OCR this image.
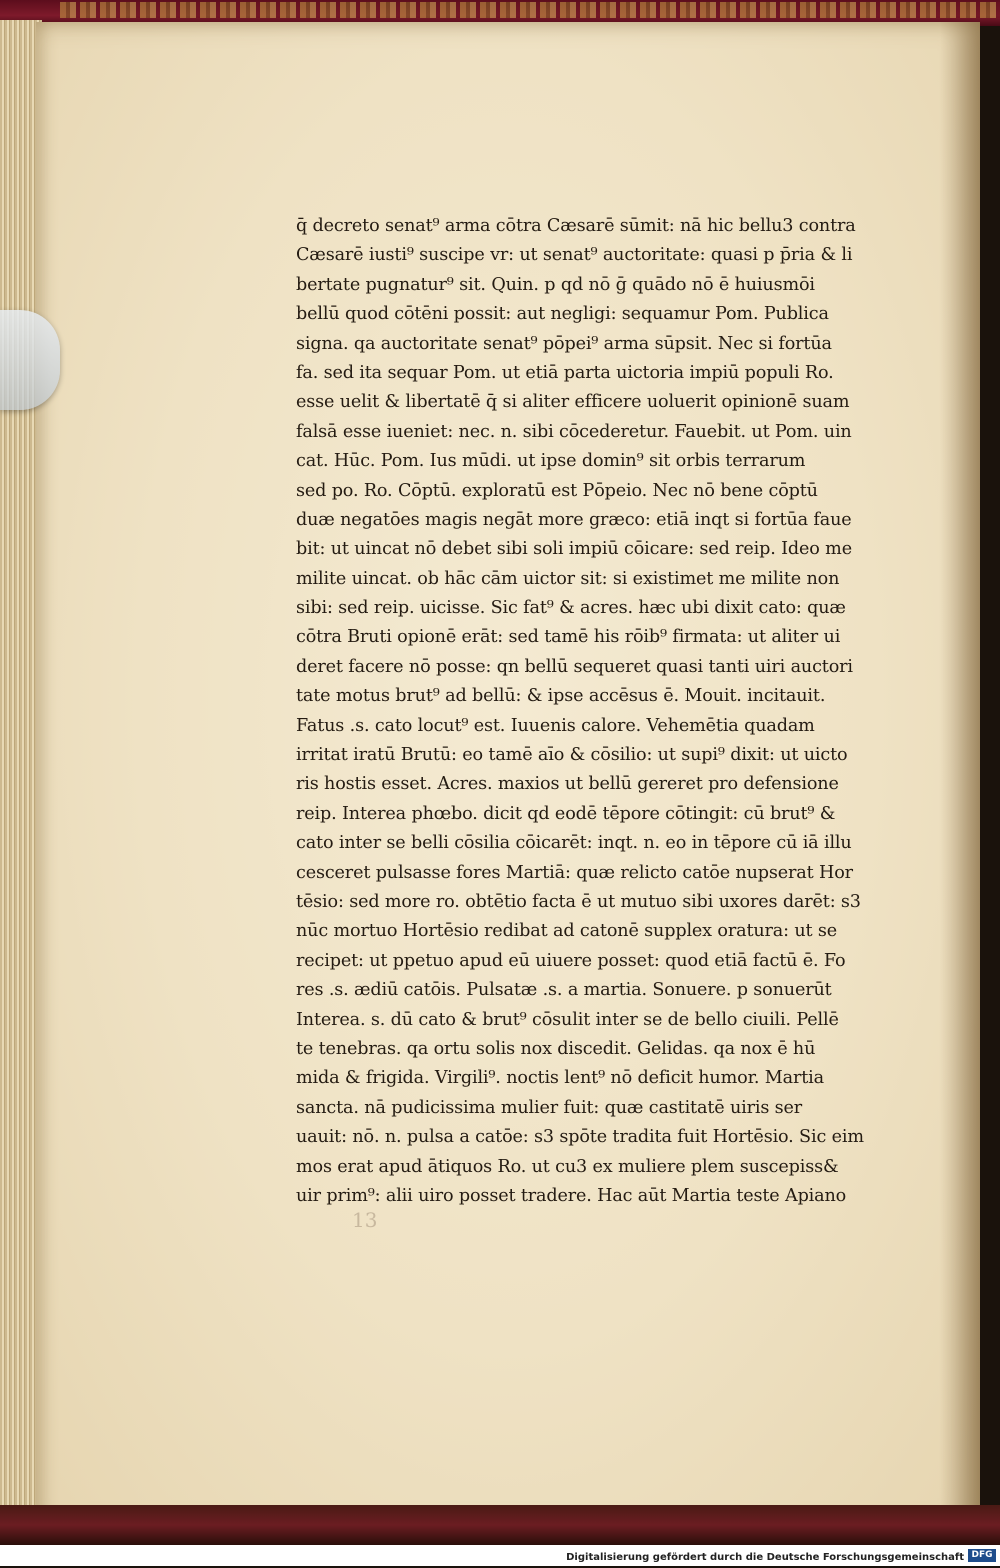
q̄ decreto senat⁹ arma cōtra Cæsarē sūmit: nā hic bellu3 contra
Cæsarē iusti⁹ suscipe vr: ut senat⁹ auctoritate: quasi p p̄ria & li
bertate pugnatur⁹ sit. Quin. p qd nō ḡ quādo nō ē huiusmōi
bellū quod cōtēni possit: aut negligi: sequamur Pom. Publica
signa. qa auctoritate senat⁹ pōpei⁹ arma sūpsit. Nec si fortūa
fa. sed ita sequar Pom. ut etiā parta uictoria impiū populi Ro.
esse uelit & libertatē q̄ si aliter efficere uoluerit opinionē suam
falsā esse iueniet: nec. n. sibi cōcederetur. Fauebit. ut Pom. uin
cat. Hūc. Pom. Ius mūdi. ut ipse domin⁹ sit orbis terrarum
sed po. Ro. Cōptū. exploratū est Pōpeio. Nec nō bene cōptū
duæ negatōes magis negāt more græco: etiā inqt si fortūa faue
bit: ut uincat nō debet sibi soli impiū cōicare: sed reip. Ideo me
milite uincat. ob hāc cām uictor sit: si existimet me milite non
sibi: sed reip. uicisse. Sic fat⁹ & acres. hæc ubi dixit cato: quæ
cōtra Bruti opionē erāt: sed tamē his rōib⁹ firmata: ut aliter ui
deret facere nō posse: qn bellū sequeret quasi tanti uiri auctori
tate motus brut⁹ ad bellū: & ipse accēsus ē. Mouit. incitauit.
Fatus .s. cato locut⁹ est. Iuuenis calore. Vehemētia quadam
irritat iratū Brutū: eo tamē aīo & cōsilio: ut supi⁹ dixit: ut uicto
ris hostis esset. Acres. maxios ut bellū gereret pro defensione
reip. Interea phœbo. dicit qd eodē tēpore cōtingit: cū brut⁹ &
cato inter se belli cōsilia cōicarēt: inqt. n. eo in tēpore cū iā illu
cesceret pulsasse fores Martiā: quæ relicto catōe nupserat Hor
tēsio: sed more ro. obtētio facta ē ut mutuo sibi uxores darēt: s3
nūc mortuo Hortēsio redibat ad catonē supplex oratura: ut se
recipet: ut ppetuo apud eū uiuere posset: quod etiā factū ē. Fo
res .s. ædiū catōis. Pulsatæ .s. a martia. Sonuere. p sonuerūt
Interea. s. dū cato & brut⁹ cōsulit inter se de bello ciuili. Pellē
te tenebras. qa ortu solis nox discedit. Gelidas. qa nox ē hū
mida & frigida. Virgili⁹. noctis lent⁹ nō deficit humor. Martia
sancta. nā pudicissima mulier fuit: quæ castitatē uiris ser
uauit: nō. n. pulsa a catōe: s3 spōte tradita fuit Hortēsio. Sic eim
mos erat apud ātiquos Ro. ut cu3 ex muliere plem suscepiss&
uir prim⁹: alii uiro posset tradere. Hac aūt Martia teste Apiano
13
Digitalisierung gefördert durch die Deutsche Forschungsgemeinschaft DFG
